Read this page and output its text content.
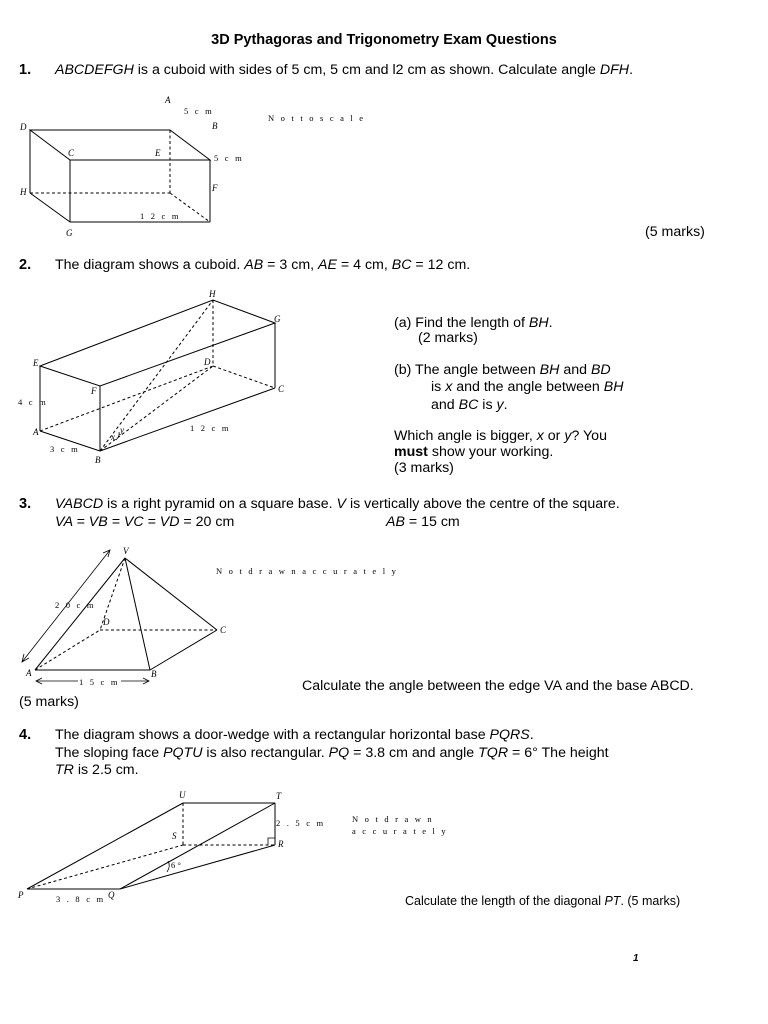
3D Pythagoras and Trigonometry Exam Questions
1. ABCDEFGH is a cuboid with sides of 5 cm, 5 cm and l2 cm as shown. Calculate angle DFH.
A
B
C
D
E
F
G
H
5 c m
5 c m
1 2 c m
N o t t o s c a l e
(5 marks)
2. The diagram shows a cuboid. AB = 3 cm, AE = 4 cm, BC = 12 cm.
A
B
C
D
E
F
G
H
x
y
4 c m
3 c m
1 2 c m
(a) Find the length of BH.
(2 marks)
(b) The angle between BH and BD
is x and the angle between BH
and BC is y.
Which angle is bigger, x or y? You
must show your working.
(3 marks)
3. VABCD is a right pyramid on a square base. V is vertically above the centre of the square.
VA = VB = VC = VD = 20 cm	AB = 15 cm
V
A	B
C
D
2 0 c m
1 5 c m
N o t d r a w n a c c u r a t e l y
Calculate the angle between the edge VA and the base ABCD.
(5 marks)
4. The diagram shows a door-wedge with a rectangular horizontal base PQRS.
The sloping face PQTU is also rectangular. PQ = 3.8 cm and angle TQR = 6° The height
TR is 2.5 cm.
P	Q
R
S
T
U
6°
2 . 5 c m
3 . 8 c m
N o t d r a w n
a c c u r a t e l y
Calculate the length of the diagonal PT. (5 marks)
1
